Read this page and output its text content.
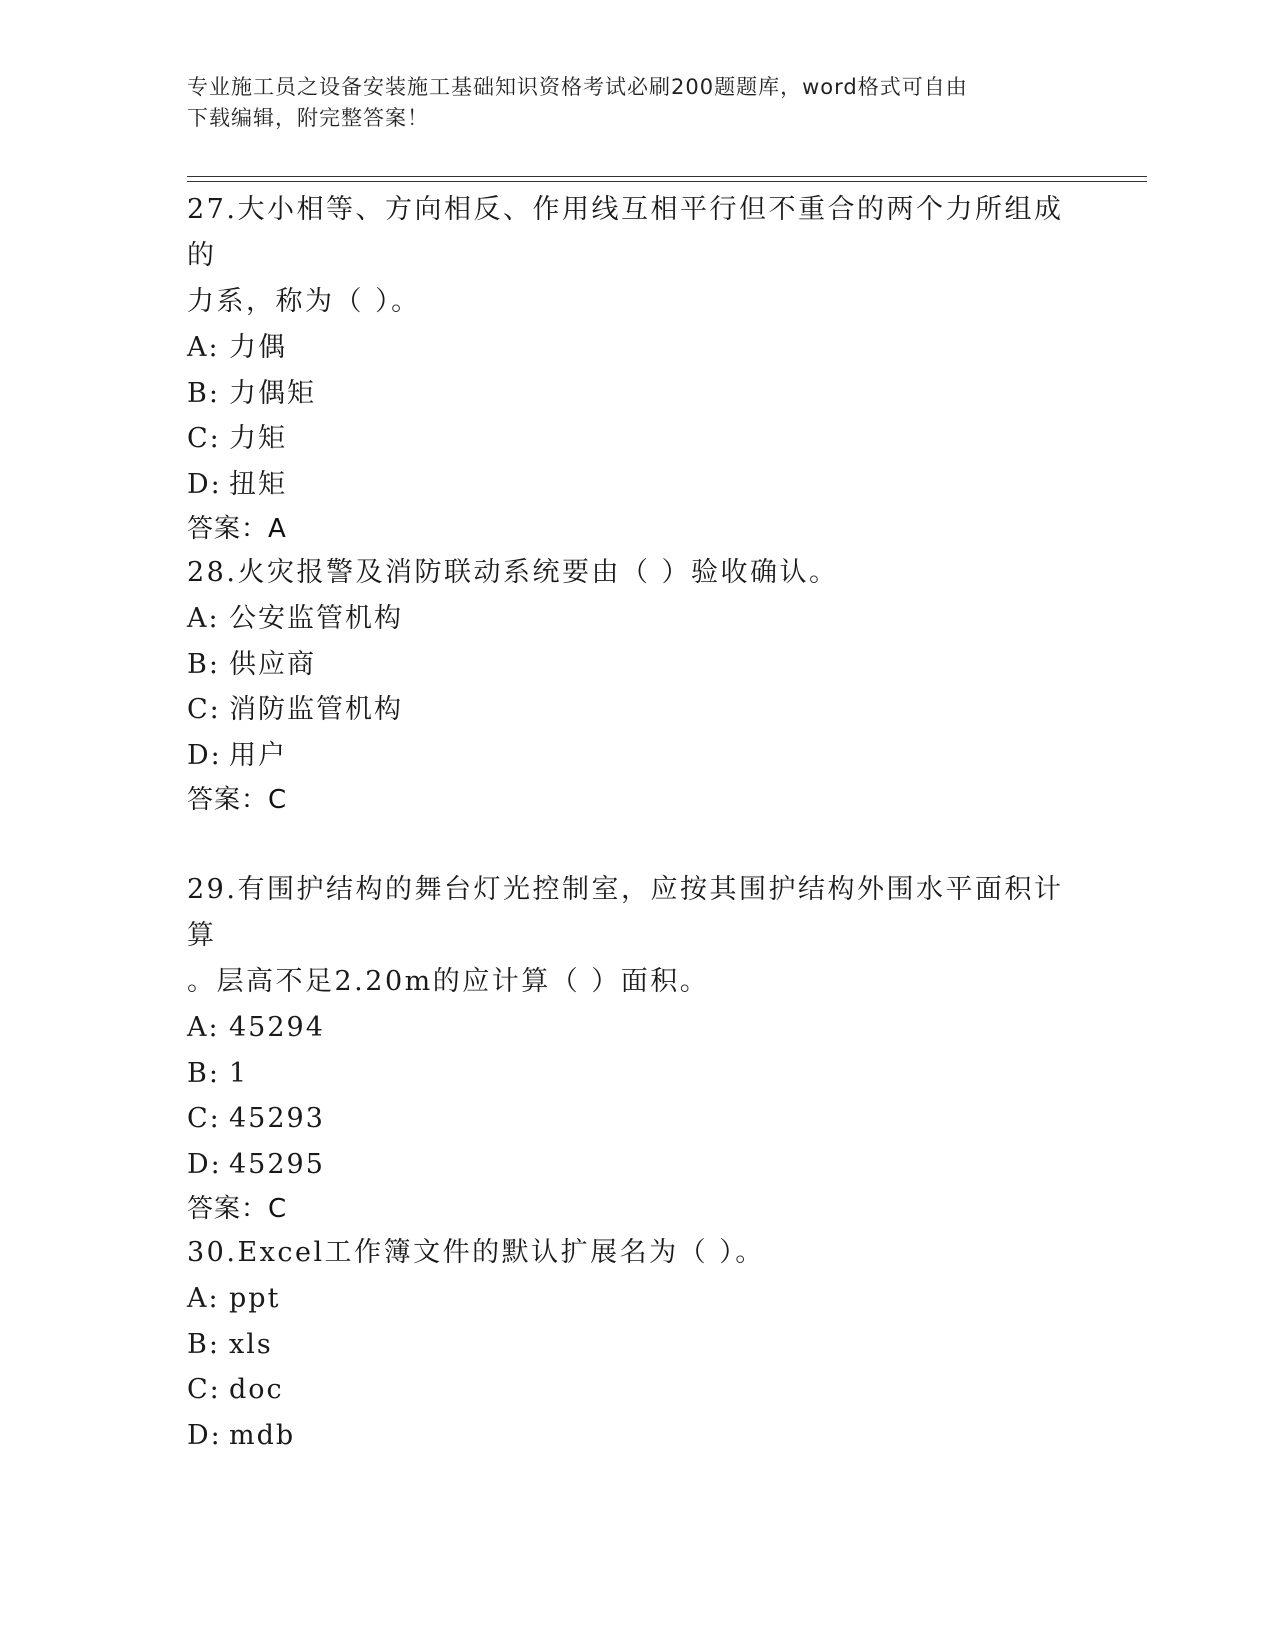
专业施工员之设备安装施工基础知识资格考试必刷200题题库，word格式可自由
下载编辑，附完整答案！

27.大小相等、方向相反、作用线互相平行但不重合的两个力所组成的

力系，称为（ ）。

A: 力偶

B: 力偶矩

C: 力矩

D: 扭矩

答案：A

28.火灾报警及消防联动系统要由（ ）验收确认。

A: 公安监管机构

B: 供应商

C: 消防监管机构

D: 用户

答案：C

29.有围护结构的舞台灯光控制室，应按其围护结构外围水平面积计算

。层高不足2.20m的应计算（ ）面积。

A: 45294

B: 1

C: 45293

D: 45295

答案：C

30.Excel工作簿文件的默认扩展名为（ ）。

A: ppt

B: xls

C: doc

D: mdb
